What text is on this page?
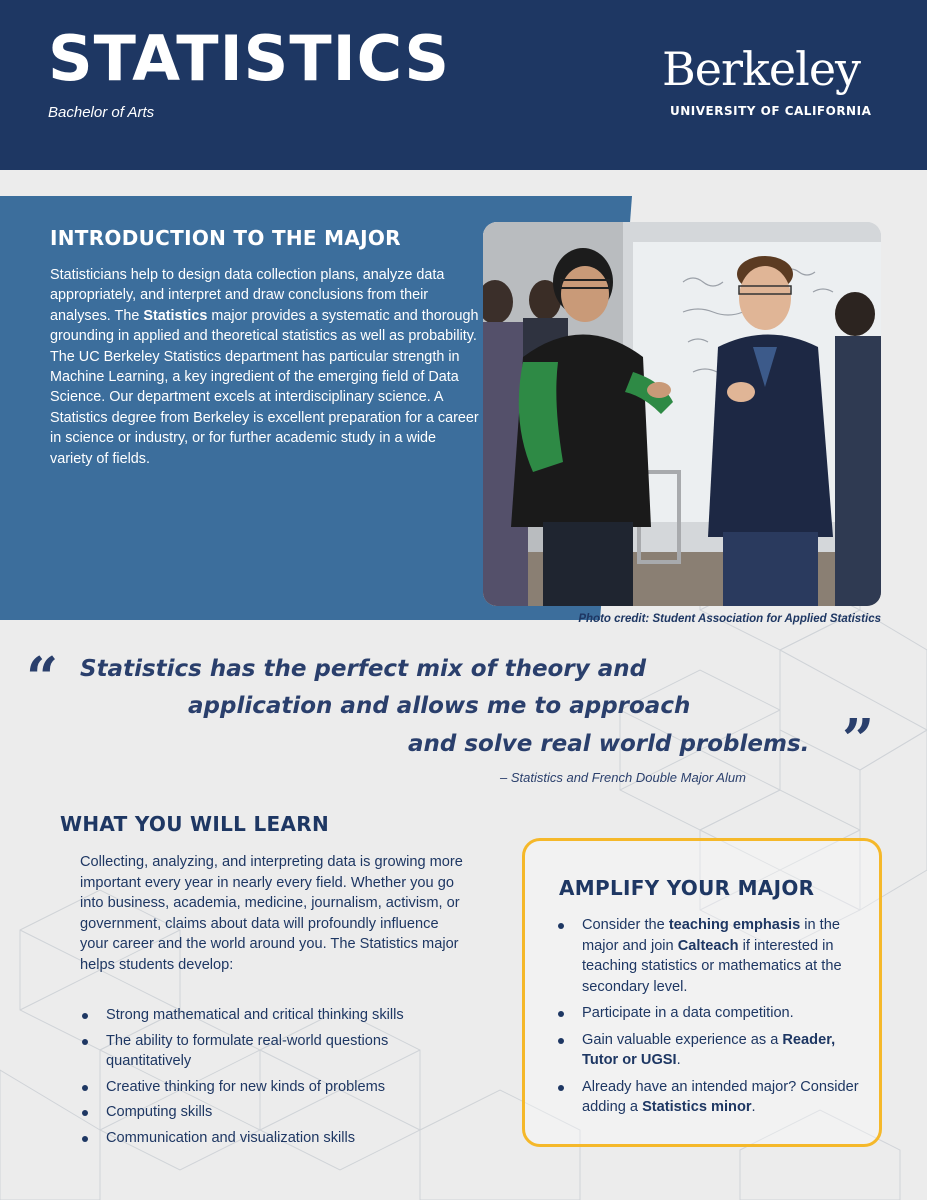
STATISTICS
Bachelor of Arts
Berkeley
UNIVERSITY OF CALIFORNIA
INTRODUCTION TO THE MAJOR

Statisticians help to design data collection plans, analyze data appropriately, and interpret and draw conclusions from their analyses. The Statistics major provides a systematic and thorough grounding in applied and theoretical statistics as well as probability. The UC Berkeley Statistics department has particular strength in Machine Learning, a key ingredient of the emerging field of Data Science. Our department excels at interdisciplinary science. A Statistics degree from Berkeley is excellent preparation for a career in science or industry, or for further academic study in a wide variety of fields.

Photo credit: Student Association for Applied Statistics
“ Statistics has the perfect mix of theory and
application and allows me to approach
and solve real world problems. ”
– Statistics and French Double Major Alum
WHAT YOU WILL LEARN

Collecting, analyzing, and interpreting data is growing more important every year in nearly every field. Whether you go into business, academia, medicine, journalism, activism, or government, claims about data will profoundly influence your career and the world around you. The Statistics major helps students develop:

Strong mathematical and critical thinking skills
The ability to formulate real-world questions quantitatively
Creative thinking for new kinds of problems
Computing skills
Communication and visualization skills
AMPLIFY YOUR MAJOR
Consider the teaching emphasis in the major and join Calteach if interested in teaching statistics or mathematics at the secondary level.
Participate in a data competition.
Gain valuable experience as a Reader, Tutor or UGSI.
Already have an intended major? Consider adding a Statistics minor.
